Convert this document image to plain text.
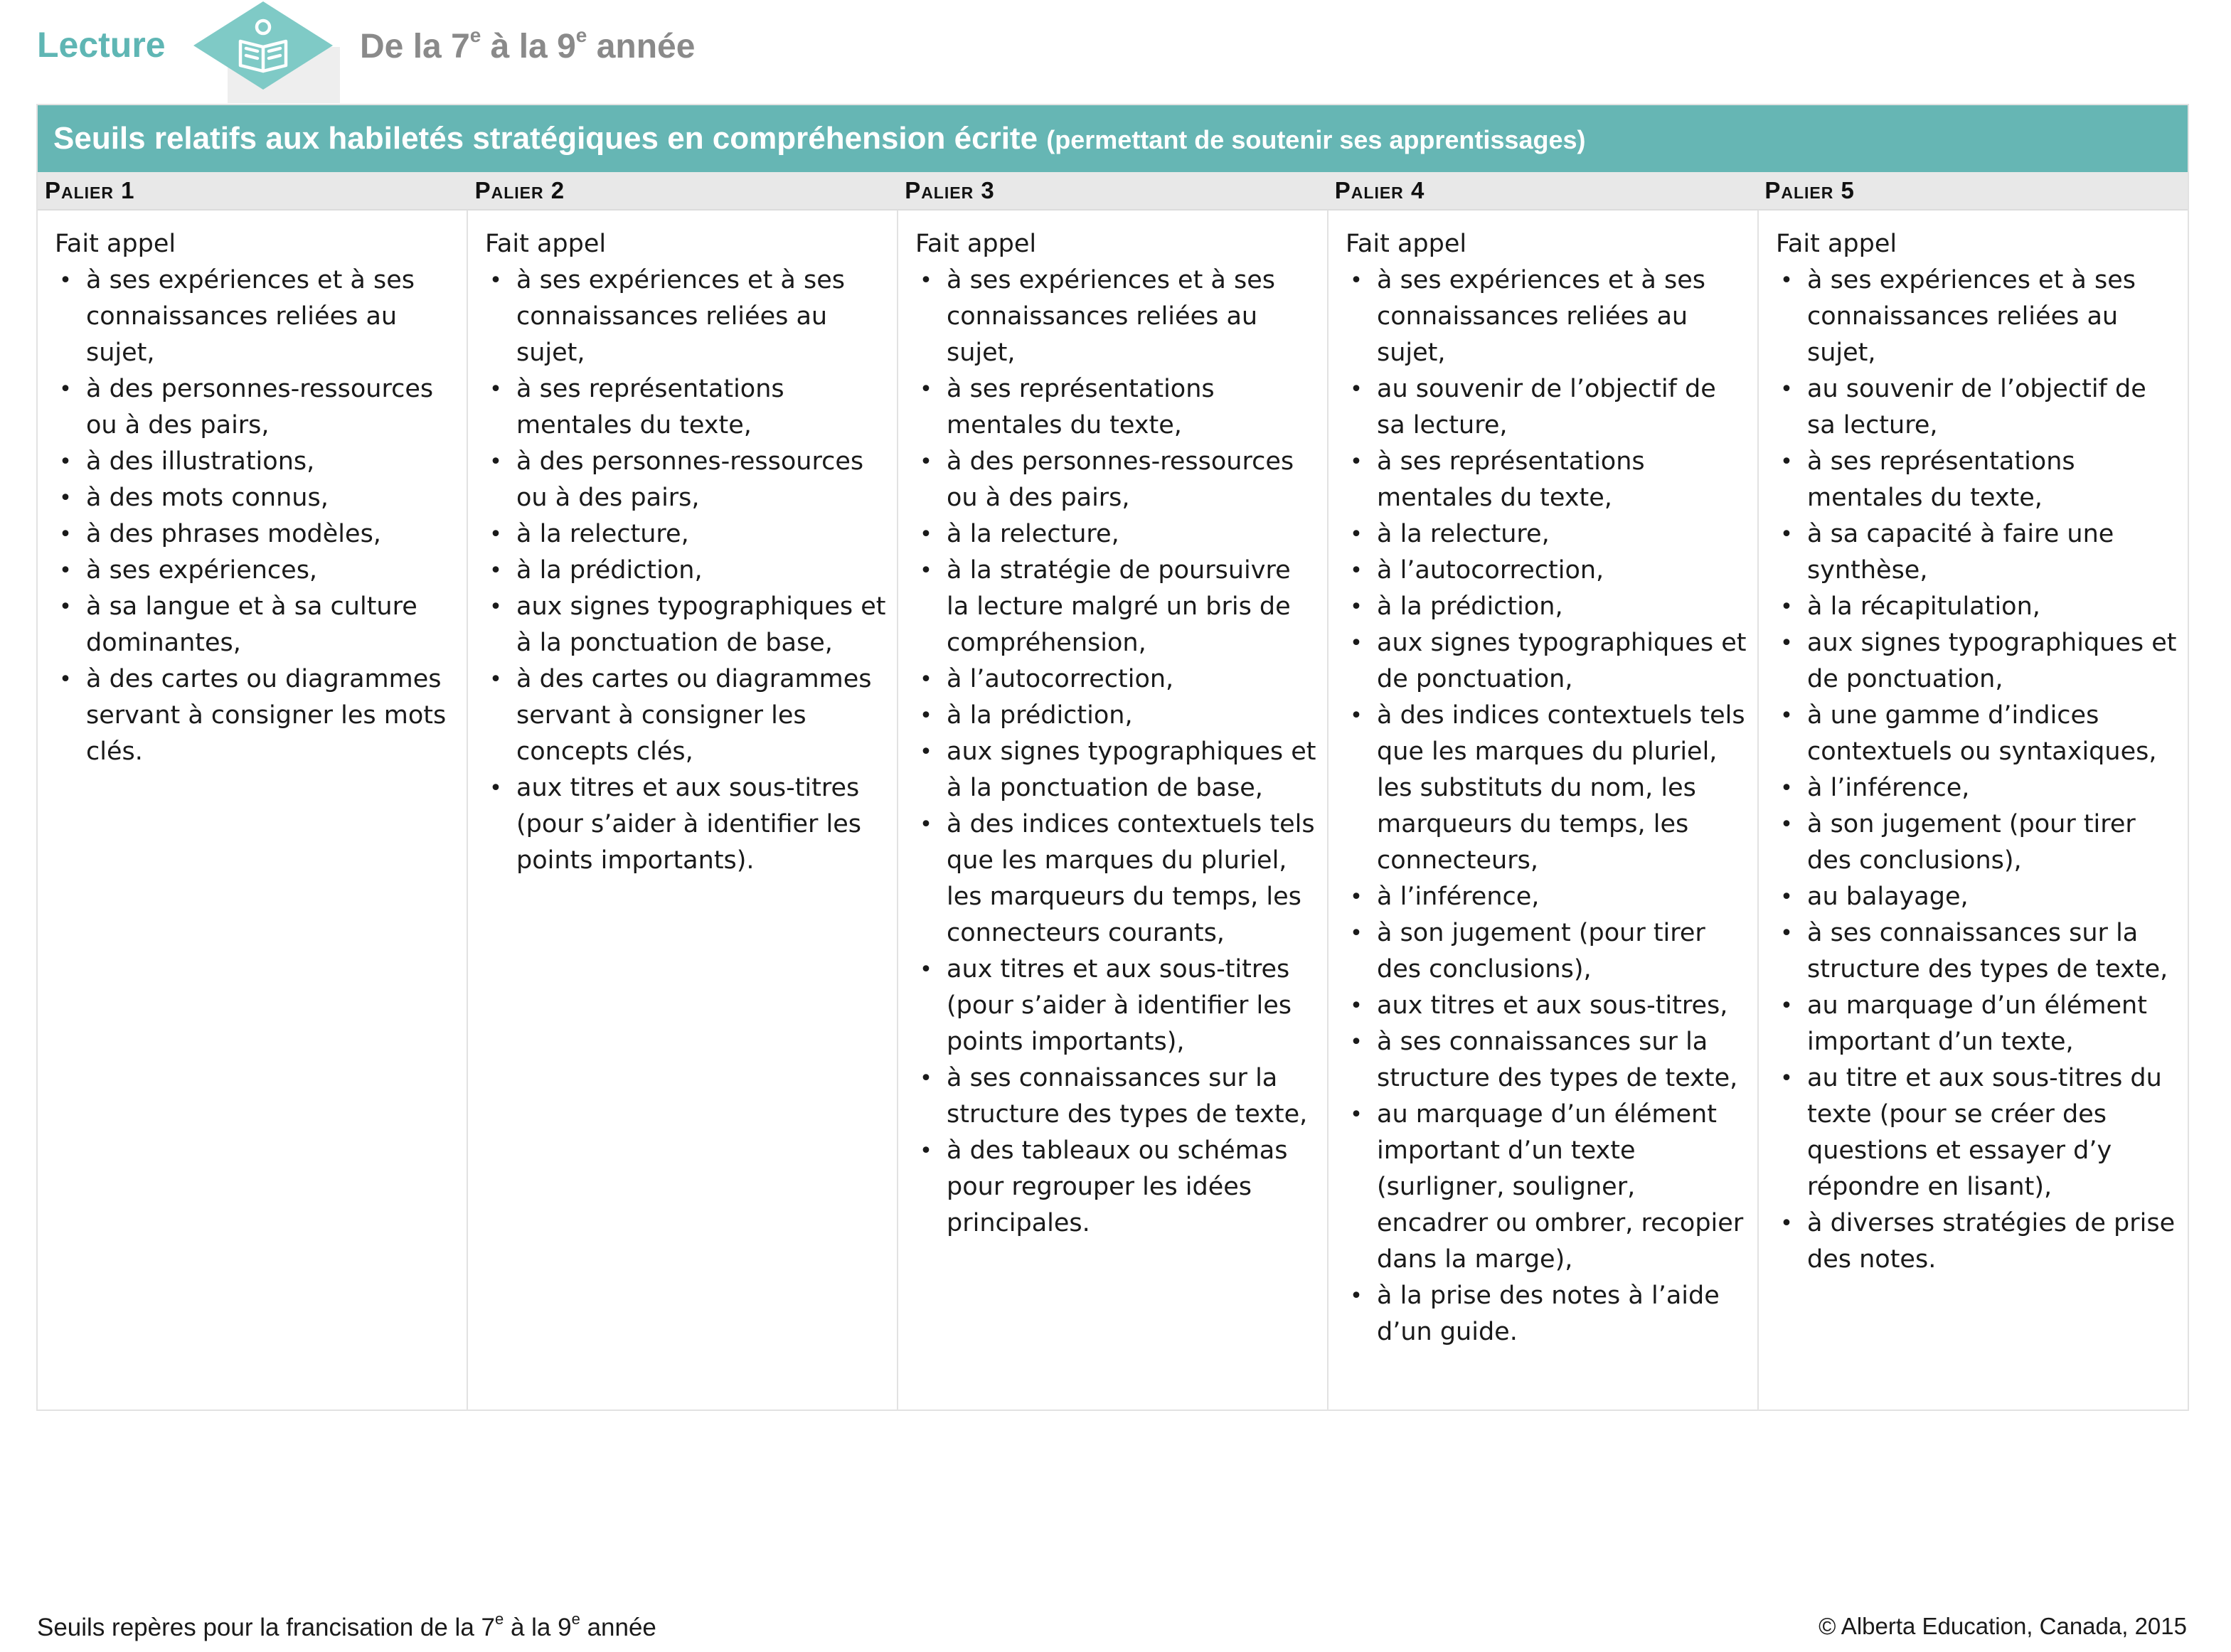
Lecture	De la 7e à la 9e année
Seuils relatifs aux habiletés stratégiques en compréhension écrite (permettant de soutenir ses apprentissages)
Palier 1	Palier 2	Palier 3	Palier 4	Palier 5
Fait appel
• à ses expériences et à ses connaissances reliées au sujet,
• à des personnes-ressources ou à des pairs,
• à des illustrations,
• à des mots connus,
• à des phrases modèles,
• à ses expériences,
• à sa langue et à sa culture dominantes,
• à des cartes ou diagrammes servant à consigner les mots clés.
Fait appel
• à ses expériences et à ses connaissances reliées au sujet,
• à ses représentations mentales du texte,
• à des personnes-ressources ou à des pairs,
• à la relecture,
• à la prédiction,
• aux signes typographiques et à la ponctuation de base,
• à des cartes ou diagrammes servant à consigner les concepts clés,
• aux titres et aux sous-titres (pour s’aider à identifier les points importants).
Fait appel
• à ses expériences et à ses connaissances reliées au sujet,
• à ses représentations mentales du texte,
• à des personnes-ressources ou à des pairs,
• à la relecture,
• à la stratégie de poursuivre la lecture malgré un bris de compréhension,
• à l’autocorrection,
• à la prédiction,
• aux signes typographiques et à la ponctuation de base,
• à des indices contextuels tels que les marques du pluriel, les marqueurs du temps, les connecteurs courants,
• aux titres et aux sous-titres (pour s’aider à identifier les points importants),
• à ses connaissances sur la structure des types de texte,
• à des tableaux ou schémas pour regrouper les idées principales.
Fait appel
• à ses expériences et à ses connaissances reliées au sujet,
• au souvenir de l’objectif de sa lecture,
• à ses représentations mentales du texte,
• à la relecture,
• à l’autocorrection,
• à la prédiction,
• aux signes typographiques et de ponctuation,
• à des indices contextuels tels que les marques du pluriel, les substituts du nom, les marqueurs du temps, les connecteurs,
• à l’inférence,
• à son jugement (pour tirer des conclusions),
• aux titres et aux sous-titres,
• à ses connaissances sur la structure des types de texte,
• au marquage d’un élément important d’un texte (surligner, souligner, encadrer ou ombrer, recopier dans la marge),
• à la prise des notes à l’aide d’un guide.
Fait appel
• à ses expériences et à ses connaissances reliées au sujet,
• au souvenir de l’objectif de sa lecture,
• à ses représentations mentales du texte,
• à sa capacité à faire une synthèse,
• à la récapitulation,
• aux signes typographiques et de ponctuation,
• à une gamme d’indices contextuels ou syntaxiques,
• à l’inférence,
• à son jugement (pour tirer des conclusions),
• au balayage,
• à ses connaissances sur la structure des types de texte,
• au marquage d’un élément important d’un texte,
• au titre et aux sous-titres du texte (pour se créer des questions et essayer d’y répondre en lisant),
• à diverses stratégies de prise des notes.
Seuils repères pour la francisation de la 7e à la 9e année	© Alberta Education, Canada, 2015
